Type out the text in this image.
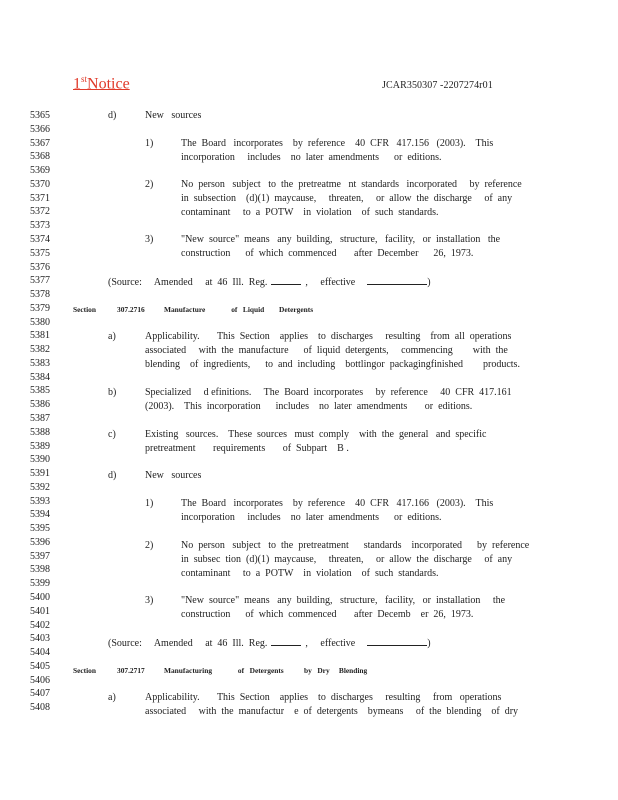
1stNotice	JCAR350307 -2207274r01
5365
5366
5367
5368
5369
5370
5371
5372
5373
5374
5375
5376
5377
5378
5379
5380
5381
5382
5383
5384
5385
5386
5387
5388
5389
5390
5391
5392
5393
5394
5395
5396
5397
5398
5399
5400
5401
5402
5403
5404
5405
5406
5407
5408
d)	New   sources
1)	The  Board   incorporates    by  reference    40  CFR   417.156   (2003).    This
incorporation     includes    no  later  amendments      or  editions.
2)	No  person   subject   to  the  pretreatme   nt  standards   incorporated     by  reference
in  subsection    (d)(1)  maycause,     threaten,     or  allow  the  discharge     of  any
contaminant     to  a  POTW    in  violation    of  such  standards.
3)	"New  source"  means   any  building,   structure,   facility,   or  installation   the
construction      of  which  commenced       after  December      26,  1973.
(Source:     Amended     at  46  Ill.  Reg.	,     effective	)
Section	307.2716	Manufacture              of   Liquid        Detergents
a)	Applicability.       This  Section    applies    to  discharges     resulting    from  all  operations
associated     with  the  manufacture      of  liquid  detergents,     commencing        with  the
blending    of  ingredients,      to  and  including    bottlingor  packagingfinished        products.
b)	Specialized     d efinitions.     The  Board  incorporates     by  reference     40  CFR  417.161
(2003).    This  incorporation      includes    no  later  amendments       or  editions.
c)	Existing   sources.    These  sources   must  comply    with  the  general   and  specific
pretreatment       requirements       of  Subpart    B .
d)	New   sources
1)	The  Board   incorporates    by  reference    40  CFR   417.166   (2003).    This
incorporation     includes    no  later  amendments      or  editions.
2)	No  person   subject   to  the  pretreatment      standards    incorporated      by  reference
in  subsec  tion  (d)(1)  maycause,     threaten,     or  allow  the  discharge     of  any
contaminant     to  a  POTW    in  violation    of  such  standards.
3)	"New  source"  means   any  building,   structure,   facility,   or  installation     the
construction      of  which  commenced       after  Decemb    er  26,  1973.
(Source:     Amended     at  46  Ill.  Reg.	,     effective	)
Section	307.2717	Manufacturing              of   Detergents           by   Dry     Blending
a)	Applicability.       This  Section    applies    to  discharges     resulting     from   operations
associated     with  the  manufactur    e  of  detergents    bymeans     of  the  blending    of  dry
